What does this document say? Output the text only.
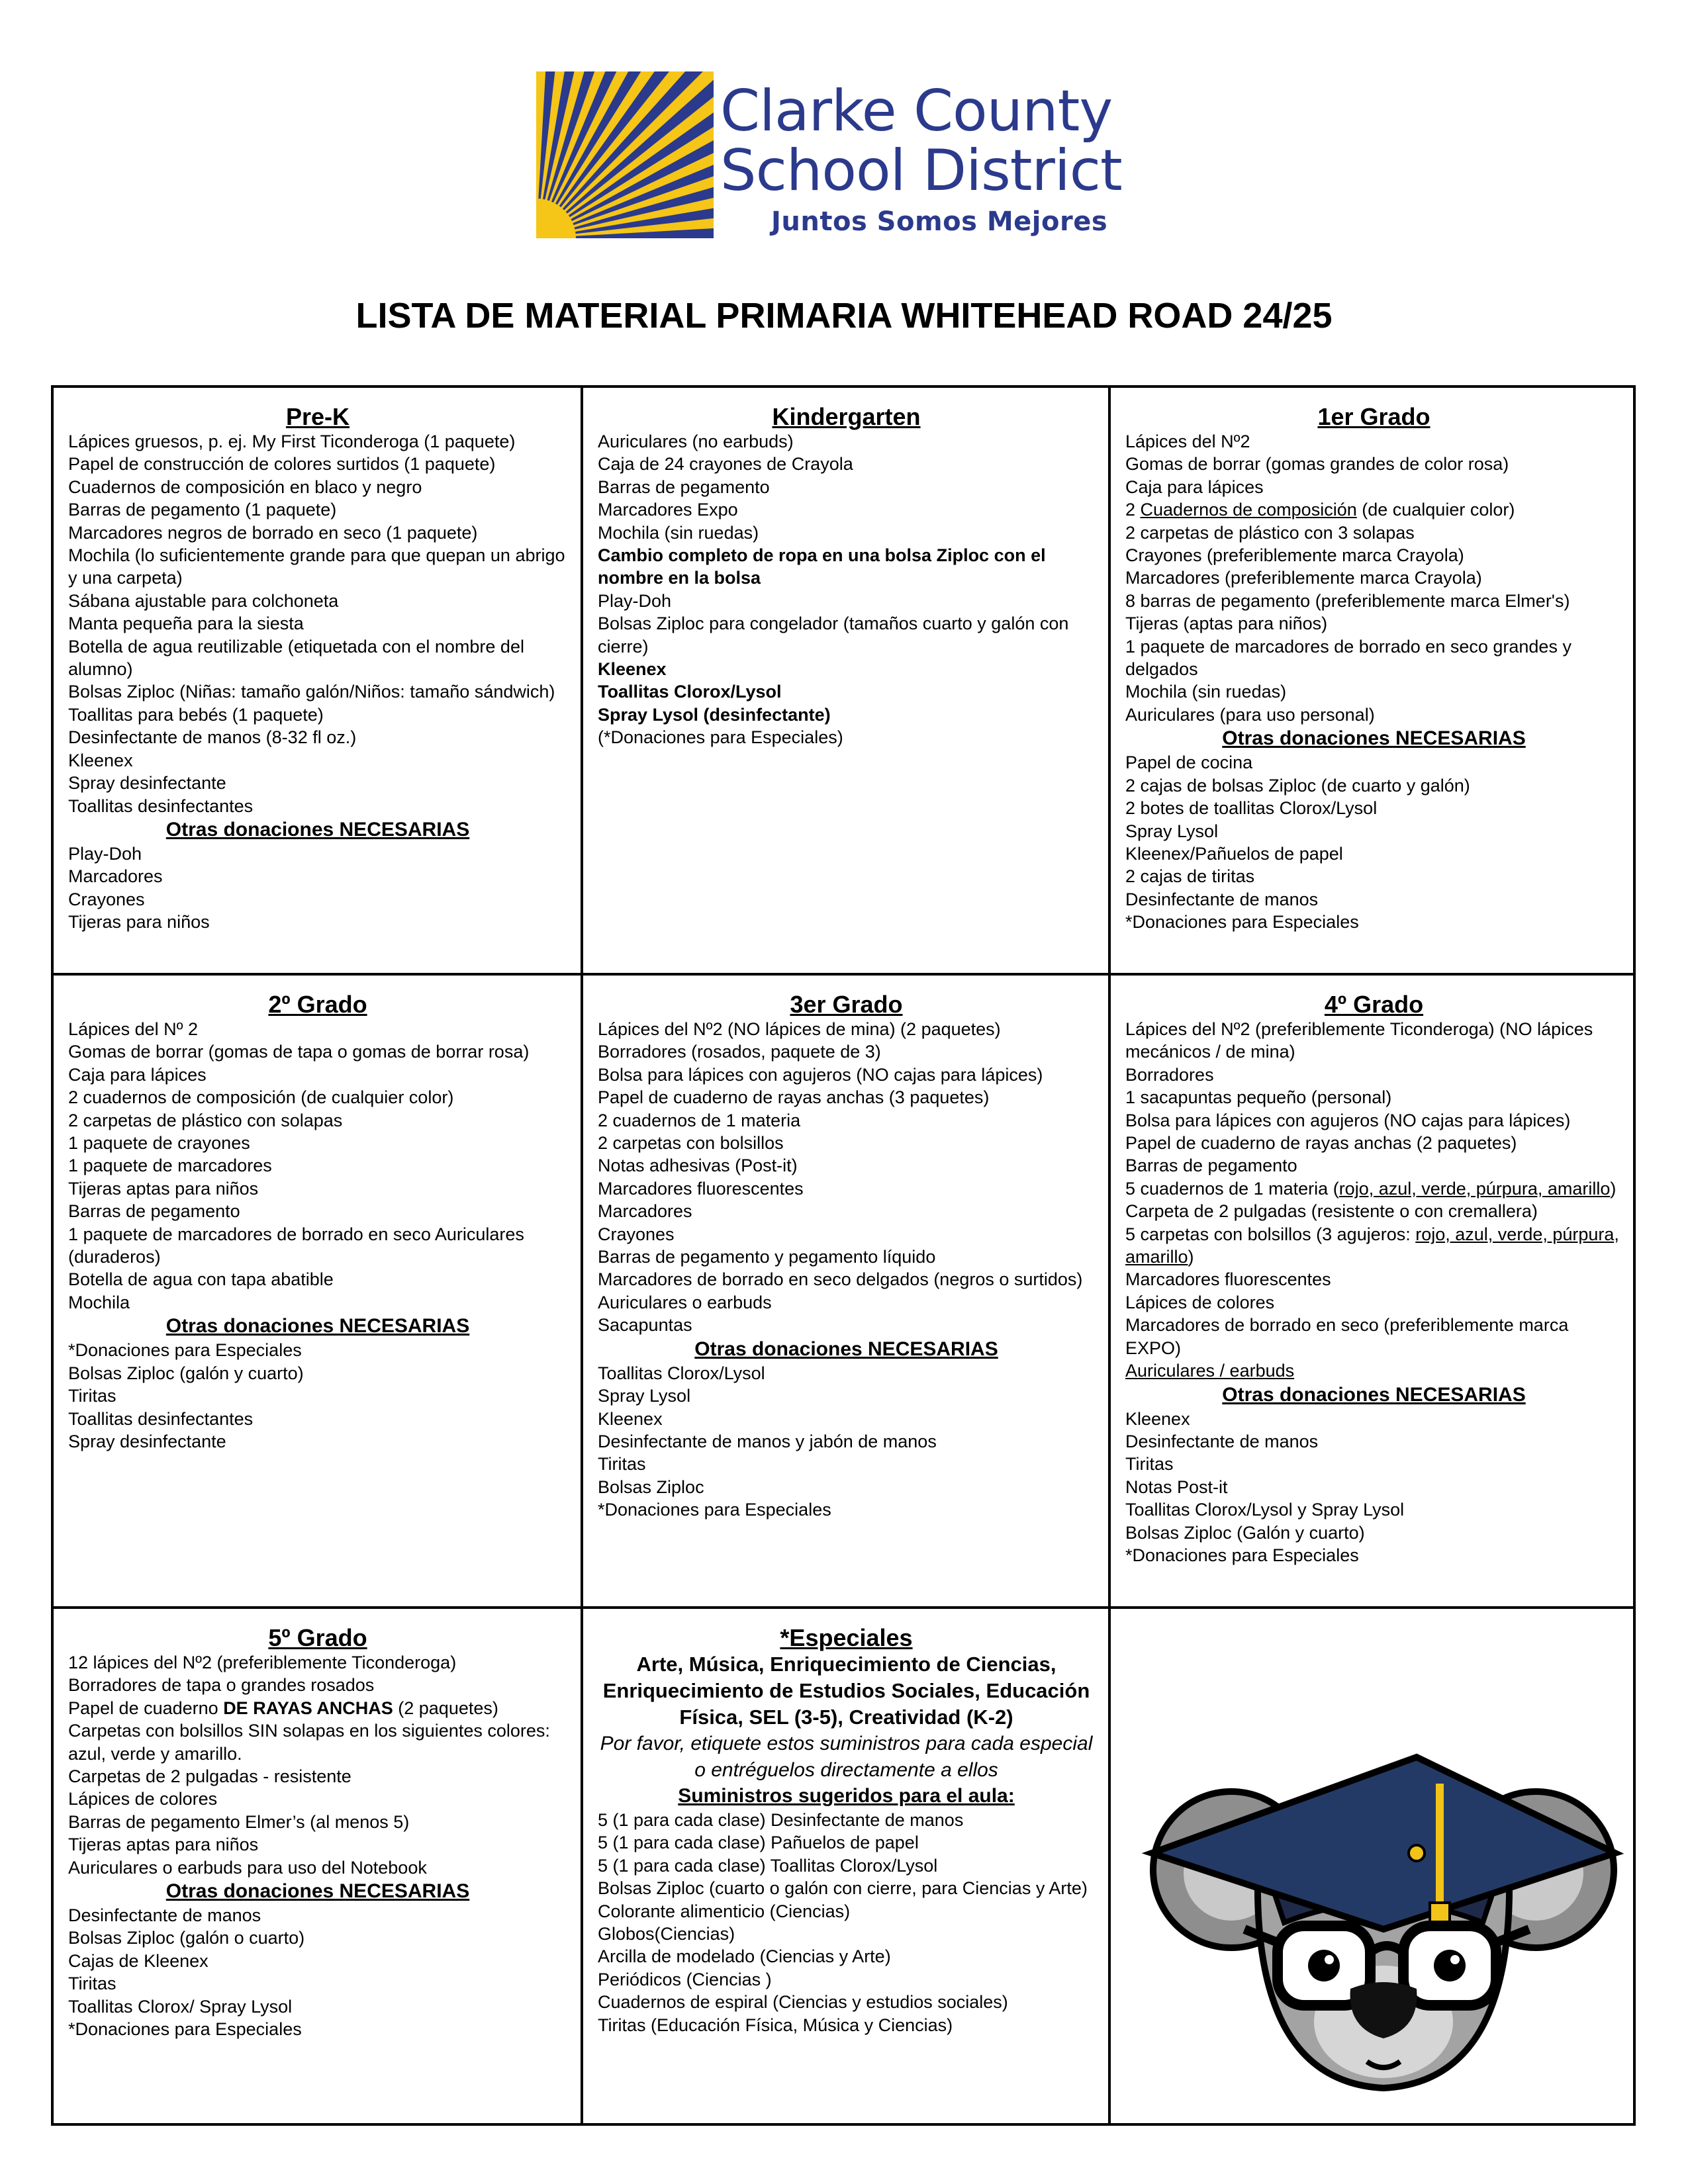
Clarke County
School District
Juntos Somos Mejores
LISTA DE MATERIAL PRIMARIA WHITEHEAD ROAD 24/25
Pre-K
Lápices gruesos, p. ej. My First Ticonderoga (1 paquete)
Papel de construcción de colores surtidos (1 paquete)
Cuadernos de composición en blaco y negro
Barras de pegamento (1 paquete)
Marcadores negros de borrado en seco (1 paquete)
Mochila (lo suficientemente grande para que quepan un abrigo y una carpeta)
Sábana ajustable para colchoneta
Manta pequeña para la siesta
Botella de agua reutilizable (etiquetada con el nombre del alumno)
Bolsas Ziploc (Niñas: tamaño galón/Niños: tamaño sándwich)
Toallitas para bebés (1 paquete)
Desinfectante de manos (8-32 fl oz.)
Kleenex
Spray desinfectante
Toallitas desinfectantes
Otras donaciones NECESARIAS
Play-Doh
Marcadores
Crayones
Tijeras para niños
Kindergarten
Auriculares (no earbuds)
Caja de 24 crayones de Crayola
Barras de pegamento
Marcadores Expo
Mochila (sin ruedas)
Cambio completo de ropa en una bolsa Ziploc con el nombre en la bolsa
Play-Doh
Bolsas Ziploc para congelador (tamaños cuarto y galón con cierre)
Kleenex
Toallitas Clorox/Lysol
Spray Lysol (desinfectante)
(*Donaciones para Especiales)
1er Grado
Lápices del Nº2
Gomas de borrar (gomas grandes de color rosa)
Caja para lápices
2 Cuadernos de composición (de cualquier color)
2 carpetas de plástico con 3 solapas
Crayones (preferiblemente marca Crayola)
Marcadores (preferiblemente marca Crayola)
8 barras de pegamento (preferiblemente marca Elmer's)
Tijeras (aptas para niños)
1 paquete de marcadores de borrado en seco grandes y delgados
Mochila (sin ruedas)
Auriculares (para uso personal)
Otras donaciones NECESARIAS
Papel de cocina
2 cajas de bolsas Ziploc (de cuarto y galón)
2 botes de toallitas Clorox/Lysol
Spray Lysol
Kleenex/Pañuelos de papel
2 cajas de tiritas
Desinfectante de manos
*Donaciones para Especiales
2º Grado
Lápices del Nº 2
Gomas de borrar (gomas de tapa o gomas de borrar rosa)
Caja para lápices
2 cuadernos de composición (de cualquier color)
2 carpetas de plástico con solapas
1 paquete de crayones
1 paquete de marcadores
Tijeras aptas para niños
Barras de pegamento
1 paquete de marcadores de borrado en seco Auriculares (duraderos)
Botella de agua con tapa abatible
Mochila
Otras donaciones NECESARIAS
*Donaciones para Especiales
Bolsas Ziploc (galón y cuarto)
Tiritas
Toallitas desinfectantes
Spray desinfectante
3er Grado
Lápices del Nº2 (NO lápices de mina) (2 paquetes)
Borradores (rosados, paquete de 3)
Bolsa para lápices con agujeros (NO cajas para lápices)
Papel de cuaderno de rayas anchas (3 paquetes)
2 cuadernos de 1 materia
2 carpetas con bolsillos
Notas adhesivas (Post-it)
Marcadores fluorescentes
Marcadores
Crayones
Barras de pegamento y pegamento líquido
Marcadores de borrado en seco delgados (negros o surtidos)
Auriculares o earbuds
Sacapuntas
Otras donaciones NECESARIAS
Toallitas Clorox/Lysol
Spray Lysol
Kleenex
Desinfectante de manos y jabón de manos
Tiritas
Bolsas Ziploc
*Donaciones para Especiales
4º Grado
Lápices del Nº2 (preferiblemente Ticonderoga) (NO lápices mecánicos / de mina)
Borradores
1 sacapuntas pequeño (personal)
Bolsa para lápices con agujeros (NO cajas para lápices)
Papel de cuaderno de rayas anchas (2 paquetes)
Barras de pegamento
5 cuadernos de 1 materia (rojo, azul, verde, púrpura, amarillo)
Carpeta de 2 pulgadas (resistente o con cremallera)
5 carpetas con bolsillos (3 agujeros: rojo, azul, verde, púrpura, amarillo)
Marcadores fluorescentes
Lápices de colores
Marcadores de borrado en seco (preferiblemente marca EXPO)
Auriculares / earbuds
Otras donaciones NECESARIAS
Kleenex
Desinfectante de manos
Tiritas
Notas Post-it
Toallitas Clorox/Lysol y Spray Lysol
Bolsas Ziploc (Galón y cuarto)
*Donaciones para Especiales
5º Grado
12 lápices del Nº2 (preferiblemente Ticonderoga)
Borradores de tapa o grandes rosados
Papel de cuaderno DE RAYAS ANCHAS (2 paquetes)
Carpetas con bolsillos SIN solapas en los siguientes colores: azul, verde y amarillo.
Carpetas de 2 pulgadas - resistente
Lápices de colores
Barras de pegamento Elmer’s (al menos 5)
Tijeras aptas para niños
Auriculares o earbuds para uso del Notebook
Otras donaciones NECESARIAS
Desinfectante de manos
Bolsas Ziploc (galón o cuarto)
Cajas de Kleenex
Tiritas
Toallitas Clorox/ Spray Lysol
*Donaciones para Especiales
*Especiales
Arte, Música, Enriquecimiento de Ciencias, Enriquecimiento de Estudios Sociales, Educación Física, SEL (3-5), Creatividad (K-2)
Por favor, etiquete estos suministros para cada especial o entréguelos directamente a ellos
Suministros sugeridos para el aula:
5 (1 para cada clase) Desinfectante de manos
5 (1 para cada clase) Pañuelos de papel
5 (1 para cada clase) Toallitas Clorox/Lysol
Bolsas Ziploc (cuarto o galón con cierre, para Ciencias y Arte)
Colorante alimenticio (Ciencias)
Globos(Ciencias)
Arcilla de modelado (Ciencias y Arte)
Periódicos (Ciencias )
Cuadernos de espiral (Ciencias y estudios sociales)
Tiritas (Educación Física, Música y Ciencias)
